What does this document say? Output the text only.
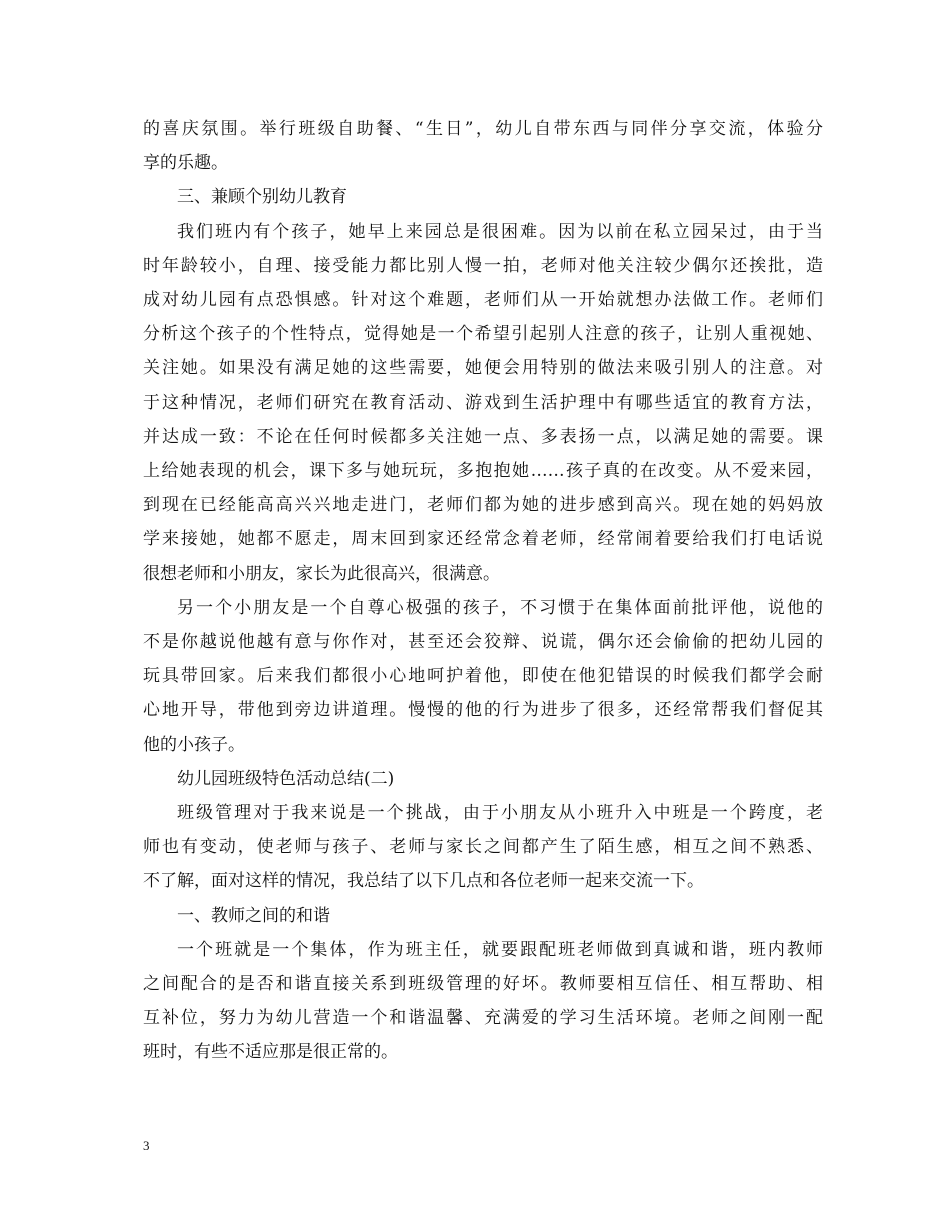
的喜庆氛围。举行班级自助餐、“生日”，幼儿自带东西与同伴分享交流，体验分
享的乐趣。
三、兼顾个别幼儿教育
我们班内有个孩子，她早上来园总是很困难。因为以前在私立园呆过，由于当
时年龄较小，自理、接受能力都比别人慢一拍，老师对他关注较少偶尔还挨批，造
成对幼儿园有点恐惧感。针对这个难题，老师们从一开始就想办法做工作。老师们
分析这个孩子的个性特点，觉得她是一个希望引起别人注意的孩子，让别人重视她、
关注她。如果没有满足她的这些需要，她便会用特别的做法来吸引别人的注意。对
于这种情况，老师们研究在教育活动、游戏到生活护理中有哪些适宜的教育方法，
并达成一致：不论在任何时候都多关注她一点、多表扬一点，以满足她的需要。课
上给她表现的机会，课下多与她玩玩，多抱抱她……孩子真的在改变。从不爱来园，
到现在已经能高高兴兴地走进门，老师们都为她的进步感到高兴。现在她的妈妈放
学来接她，她都不愿走，周末回到家还经常念着老师，经常闹着要给我们打电话说
很想老师和小朋友，家长为此很高兴，很满意。
另一个小朋友是一个自尊心极强的孩子，不习惯于在集体面前批评他，说他的
不是你越说他越有意与你作对，甚至还会狡辩、说谎，偶尔还会偷偷的把幼儿园的
玩具带回家。后来我们都很小心地呵护着他，即使在他犯错误的时候我们都学会耐
心地开导，带他到旁边讲道理。慢慢的他的行为进步了很多，还经常帮我们督促其
他的小孩子。
幼儿园班级特色活动总结(二)
班级管理对于我来说是一个挑战，由于小朋友从小班升入中班是一个跨度，老
师也有变动，使老师与孩子、老师与家长之间都产生了陌生感，相互之间不熟悉、
不了解，面对这样的情况，我总结了以下几点和各位老师一起来交流一下。
一、教师之间的和谐
一个班就是一个集体，作为班主任，就要跟配班老师做到真诚和谐，班内教师
之间配合的是否和谐直接关系到班级管理的好坏。教师要相互信任、相互帮助、相
互补位，努力为幼儿营造一个和谐温馨、充满爱的学习生活环境。老师之间刚一配
班时，有些不适应那是很正常的。
3
